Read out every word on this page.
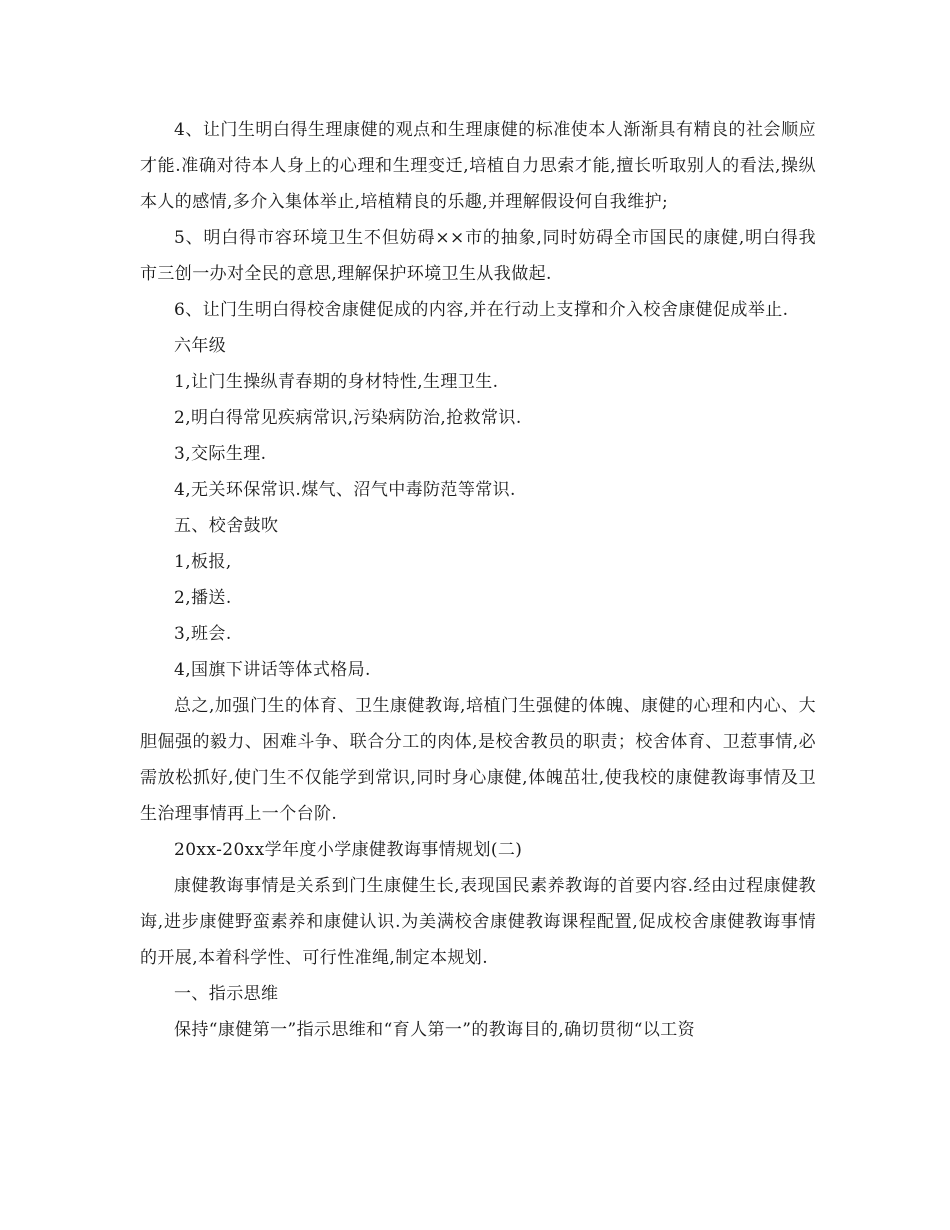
4、让门生明白得生理康健的观点和生理康健的标准使本人渐渐具有精良的社会顺应才能.准确对待本人身上的心理和生理变迁,培植自力思索才能,擅长听取别人的看法,操纵本人的感情,多介入集体举止,培植精良的乐趣,并理解假设何自我维护;

5、明白得市容环境卫生不但妨碍××市的抽象,同时妨碍全市国民的康健,明白得我市三创一办对全民的意思,理解保护环境卫生从我做起.

6、让门生明白得校舍康健促成的内容,并在行动上支撑和介入校舍康健促成举止.

六年级

1,让门生操纵青春期的身材特性,生理卫生.

2,明白得常见疾病常识,污染病防治,抢救常识.

3,交际生理.

4,无关环保常识.煤气、沼气中毒防范等常识.

五、校舍鼓吹

1,板报,

2,播送.

3,班会.

4,国旗下讲话等体式格局.

总之,加强门生的体育、卫生康健教诲,培植门生强健的体魄、康健的心理和内心、大胆倔强的毅力、困难斗争、联合分工的肉体,是校舍教员的职责；校舍体育、卫惹事情,必需放松抓好,使门生不仅能学到常识,同时身心康健,体魄茁壮,使我校的康健教诲事情及卫生治理事情再上一个台阶.

20xx-20xx学年度小学康健教诲事情规划(二)

康健教诲事情是关系到门生康健生长,表现国民素养教诲的首要内容.经由过程康健教诲,进步康健野蛮素养和康健认识.为美满校舍康健教诲课程配置,促成校舍康健教诲事情的开展,本着科学性、可行性准绳,制定本规划.

一、指示思维

保持“康健第一”指示思维和“育人第一”的教诲目的,确切贯彻“以工资
